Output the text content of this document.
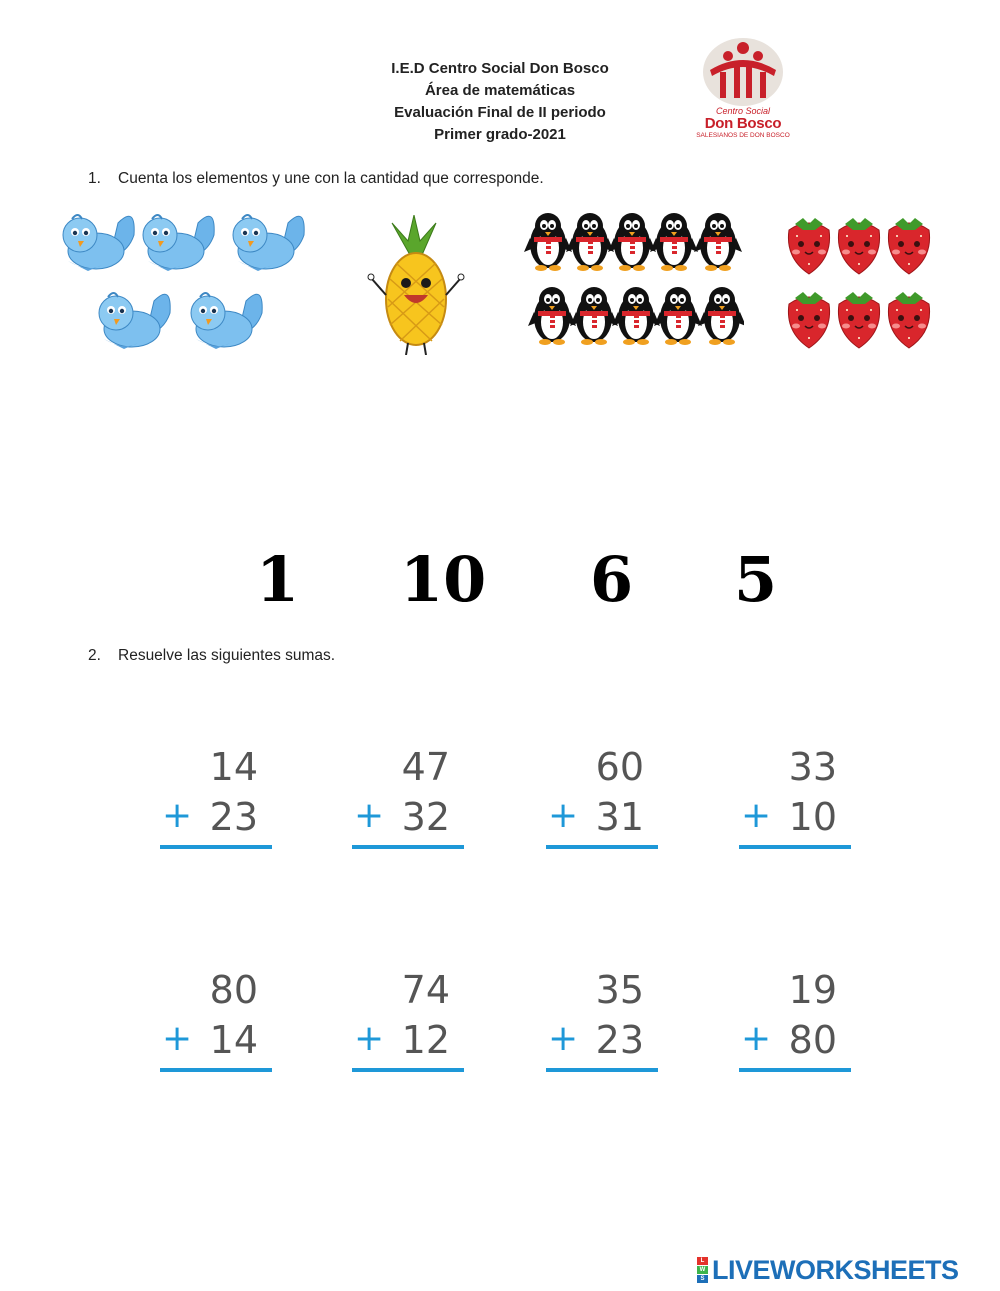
I.E.D Centro Social Don Bosco
Área de matemáticas
Evaluación Final de II periodo
Primer grado-2021
Centro Social
Don Bosco
SALESIANOS DE DON BOSCO
1. Cuenta los elementos y une con la cantidad que corresponde.
1 10 6 5
2. Resuelve las siguientes sumas.
14
+ 23
47
+ 32
60
+ 31
33
+ 10
80
+ 14
74
+ 12
35
+ 23
19
+ 80
L
W
S LIVEWORKSHEETS
